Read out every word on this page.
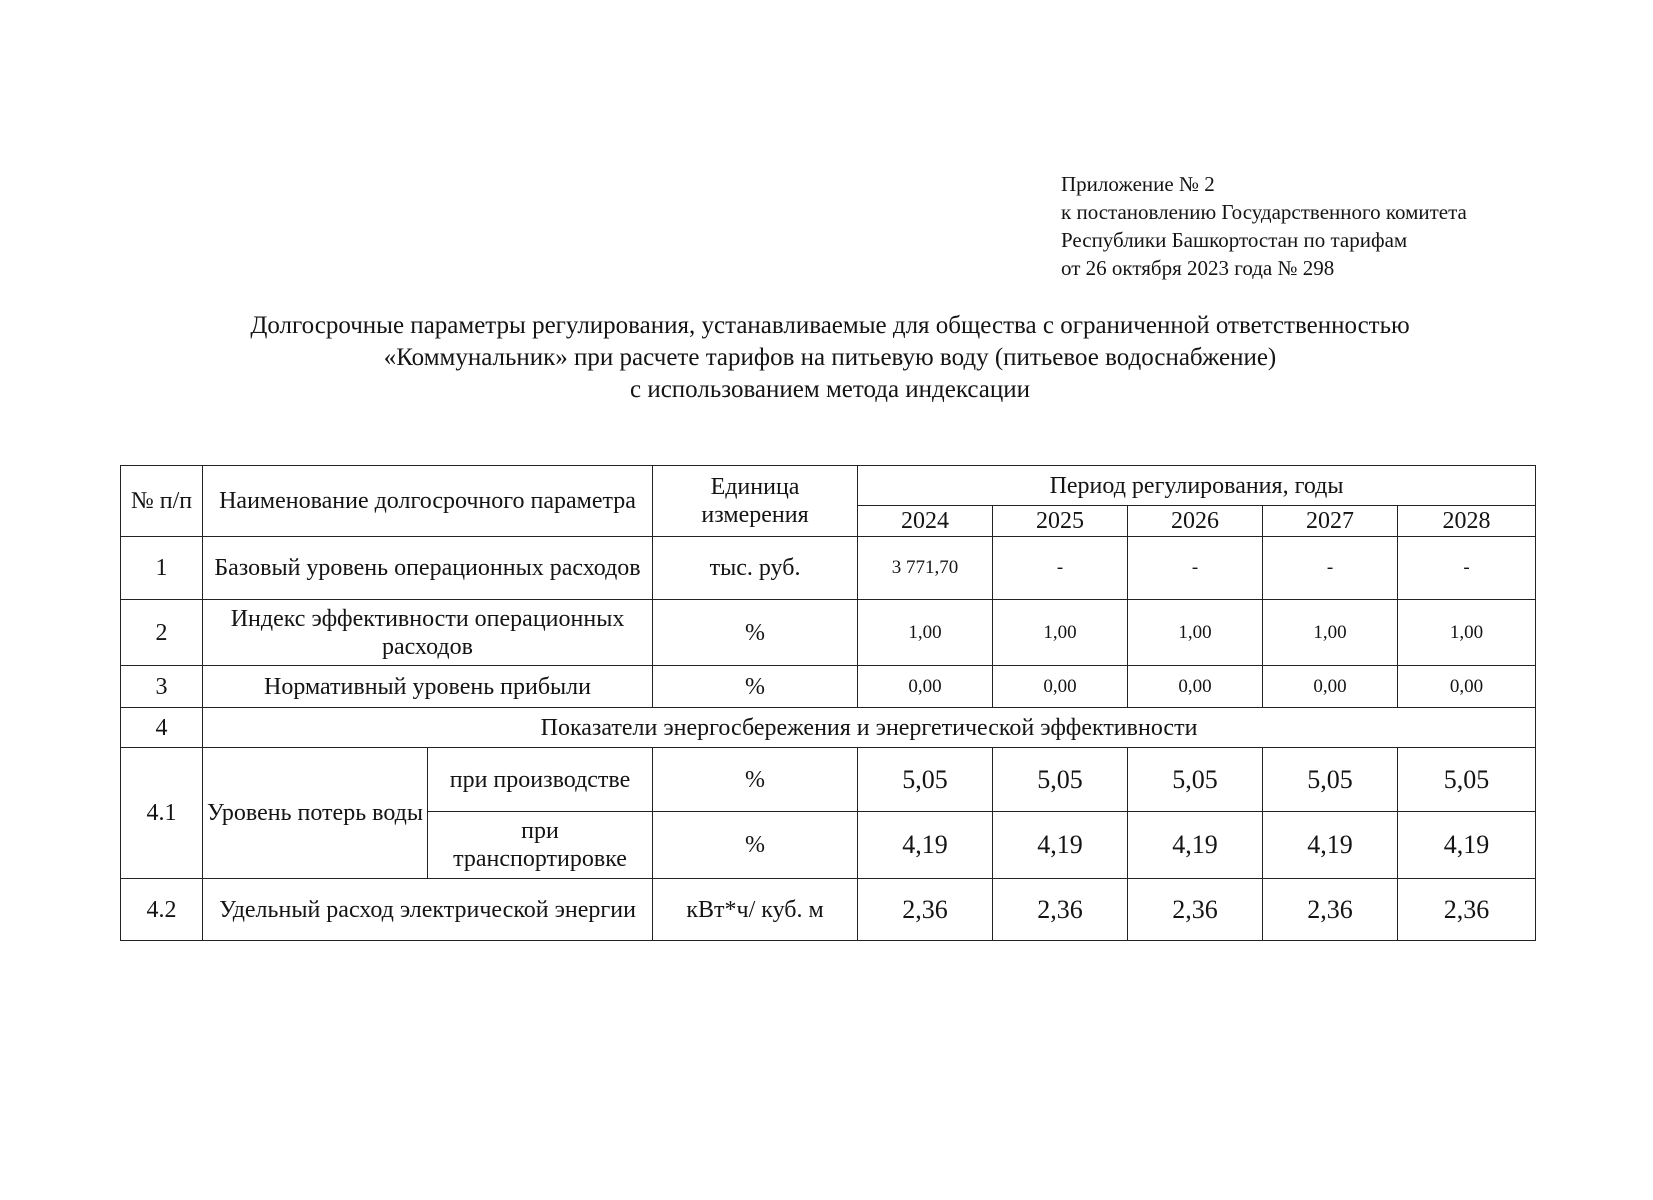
Приложение № 2
к постановлению Государственного комитета
Республики Башкортостан по тарифам
от 26 октября 2023 года № 298
Долгосрочные параметры регулирования, устанавливаемые для общества с ограниченной ответственностью
«Коммунальник» при расчете тарифов на питьевую воду (питьевое водоснабжение)
с использованием метода индексации
№ п/п	Наименование долгосрочного параметра		Единица измерения	Период регулирования, годы				
				2024	2025	2026	2027	2028
1	Базовый уровень операционных расходов		тыс. руб.	3 771,70	-	-	-	-
2	Индекс эффективности операционных расходов		%	1,00	1,00	1,00	1,00	1,00
3	Нормативный уровень прибыли		%	0,00	0,00	0,00	0,00	0,00
4	Показатели энергосбережения и энергетической эффективности							
4.1	Уровень потерь воды	при производстве	%	5,05	5,05	5,05	5,05	5,05
		при транспортировке	%	4,19	4,19	4,19	4,19	4,19
4.2	Удельный расход электрической энергии		кВт*ч/ куб. м	2,36	2,36	2,36	2,36	2,36
